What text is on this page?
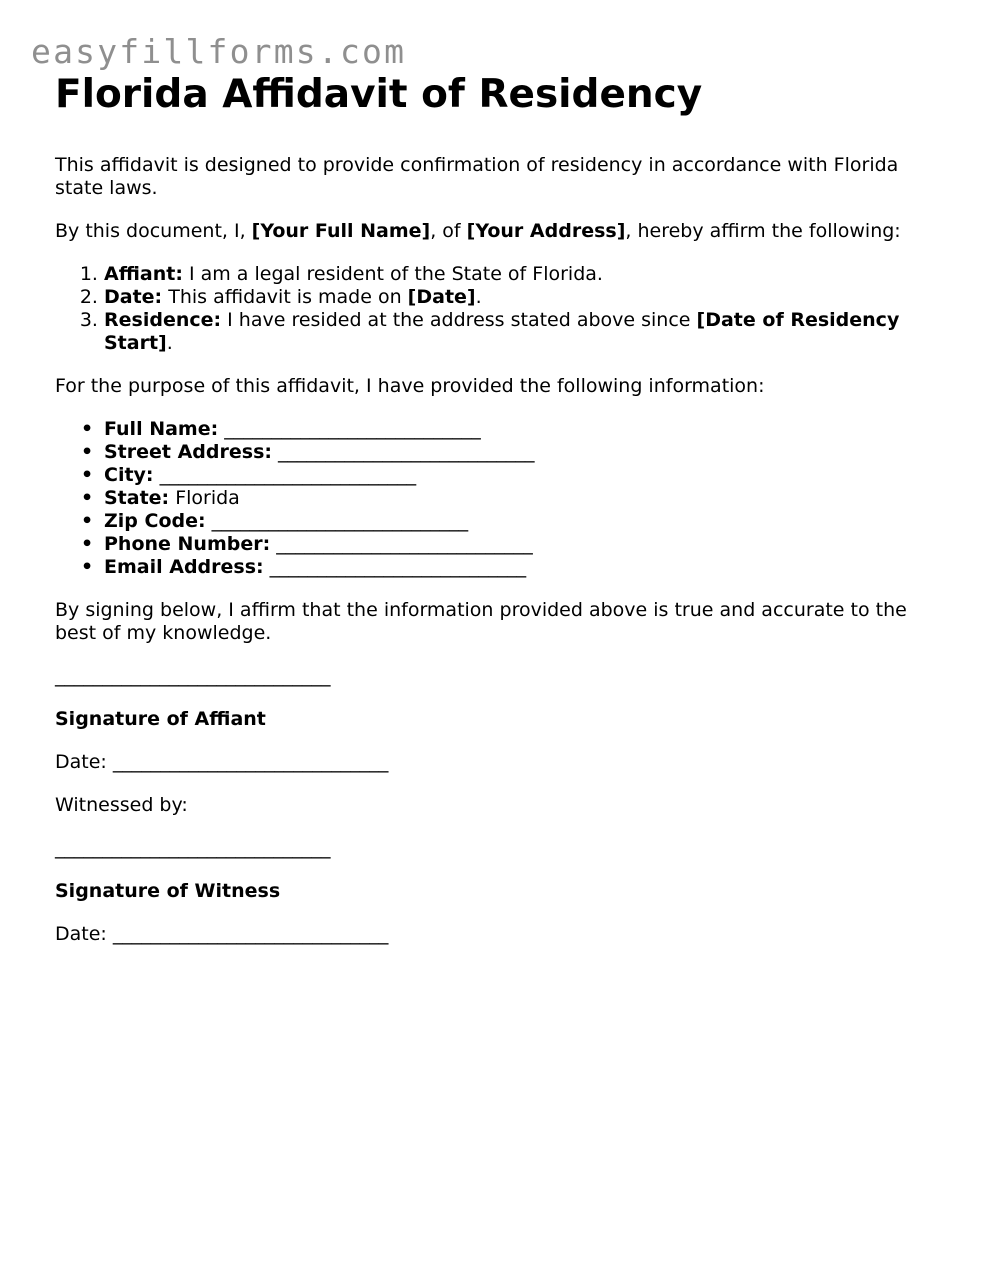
easyfillforms.com
Florida Affidavit of Residency

This affidavit is designed to provide confirmation of residency in accordance with Florida state laws.

By this document, I, [Your Full Name], of [Your Address], hereby affirm the following:

1. Affiant: I am a legal resident of the State of Florida.
2. Date: This affidavit is made on [Date].
3. Residence: I have resided at the address stated above since [Date of Residency Start].

For the purpose of this affidavit, I have provided the following information:

• Full Name: ___________________________
• Street Address: ___________________________
• City: ___________________________
• State: Florida
• Zip Code: ___________________________
• Phone Number: ___________________________
• Email Address: ___________________________

By signing below, I affirm that the information provided above is true and accurate to the best of my knowledge.

_____________________________

Signature of Affiant

Date: _____________________________

Witnessed by:

_____________________________

Signature of Witness

Date: _____________________________
